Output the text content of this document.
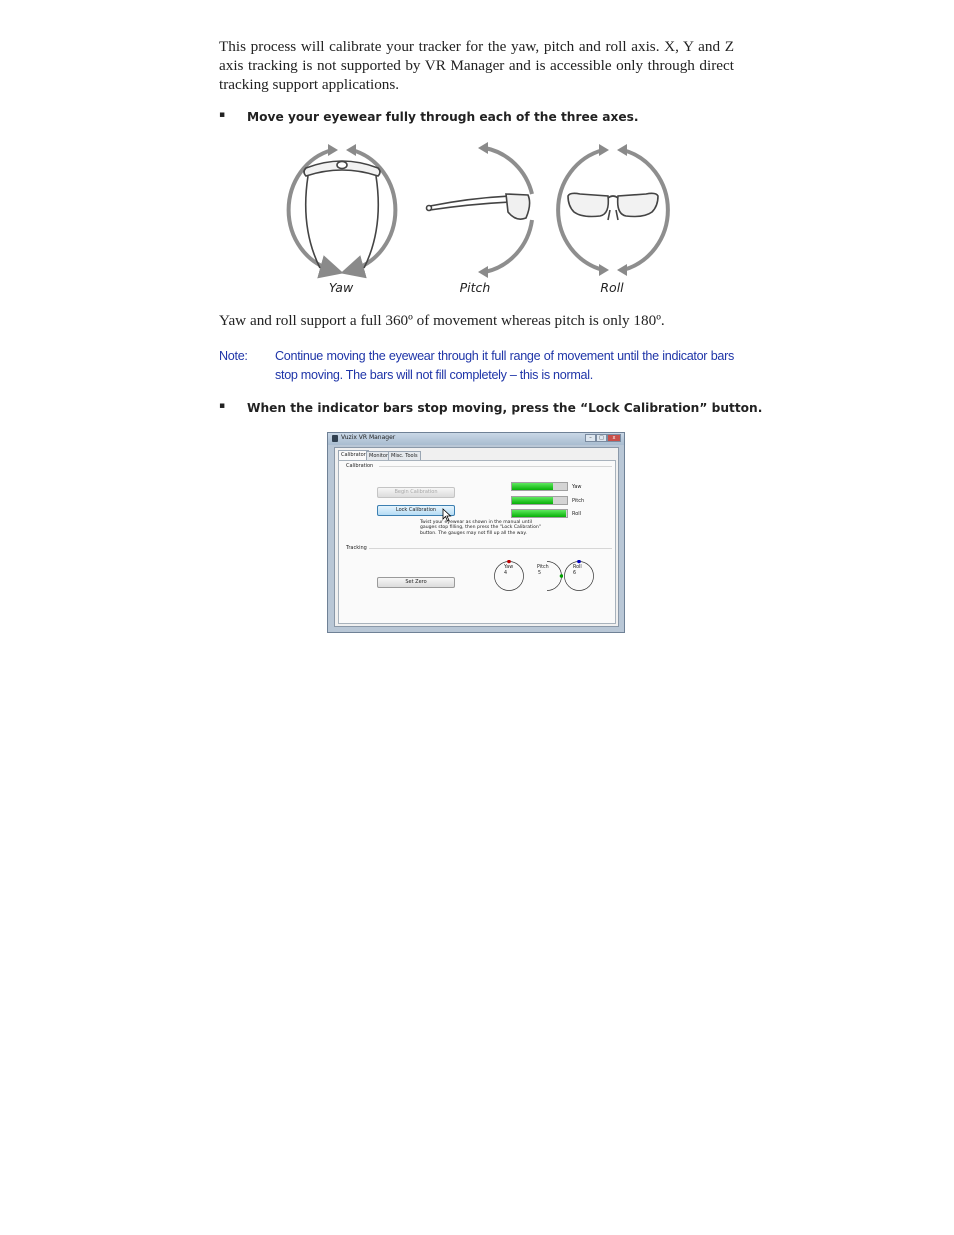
This process will calibrate your tracker for the yaw, pitch and roll axis. X, Y and Z axis tracking is not supported by VR Manager and is accessible only through direct tracking support applications.

▪ Move your eyewear fully through each of the three axes.
Yaw	Pitch	Roll

Yaw and roll support a full 360º of movement whereas pitch is only 180º.

Note: Continue moving the eyewear through it full range of movement until the indicator bars stop moving. The bars will not fill completely – this is normal.
▪ When the indicator bars stop moving, press the “Lock Calibration” button.
Vuzix VR Manager	–	□	x
Calibrator Monitor Misc. Tools
Calibration
Begin Calibration
Lock Calibration
Twist your eyewear as shown in the manual until gauges stop filling, then press the "Lock Calibration" button. The gauges may not fill up all the way.
Yaw
Pitch
Roll
Tracking
Set Zero
Yaw
4
Pitch
5
Roll
6
